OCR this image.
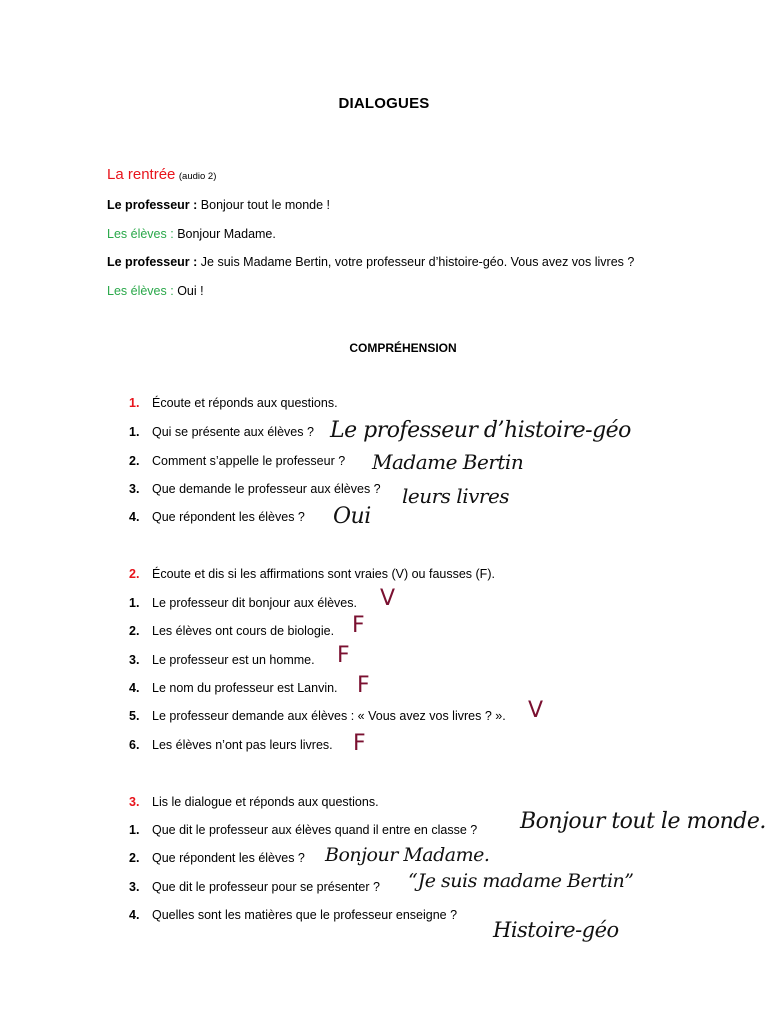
DIALOGUES
La rentrée (audio 2)
Le professeur : Bonjour tout le monde !
Les élèves : Bonjour Madame.
Le professeur : Je suis Madame Bertin, votre professeur d’histoire-géo. Vous avez vos livres ?
Les élèves : Oui !
COMPRÉHENSION
1. Écoute et réponds aux questions.
1. Qui se présente aux élèves ? Le professeur d’histoire-géo
2. Comment s’appelle le professeur ? Madame Bertin
3. Que demande le professeur aux élèves ? leurs livres
4. Que répondent les élèves ? Oui
2. Écoute et dis si les affirmations sont vraies (V) ou fausses (F).
1. Le professeur dit bonjour aux élèves. V
2. Les élèves ont cours de biologie. F
3. Le professeur est un homme. F
4. Le nom du professeur est Lanvin. F
5. Le professeur demande aux élèves : « Vous avez vos livres ? ». V
6. Les élèves n’ont pas leurs livres. F
3. Lis le dialogue et réponds aux questions.
1. Que dit le professeur aux élèves quand il entre en classe ? Bonjour tout le monde.
2. Que répondent les élèves ? Bonjour Madame.
3. Que dit le professeur pour se présenter ? “Je suis madame Bertin”
4. Quelles sont les matières que le professeur enseigne ?
Histoire-géo
